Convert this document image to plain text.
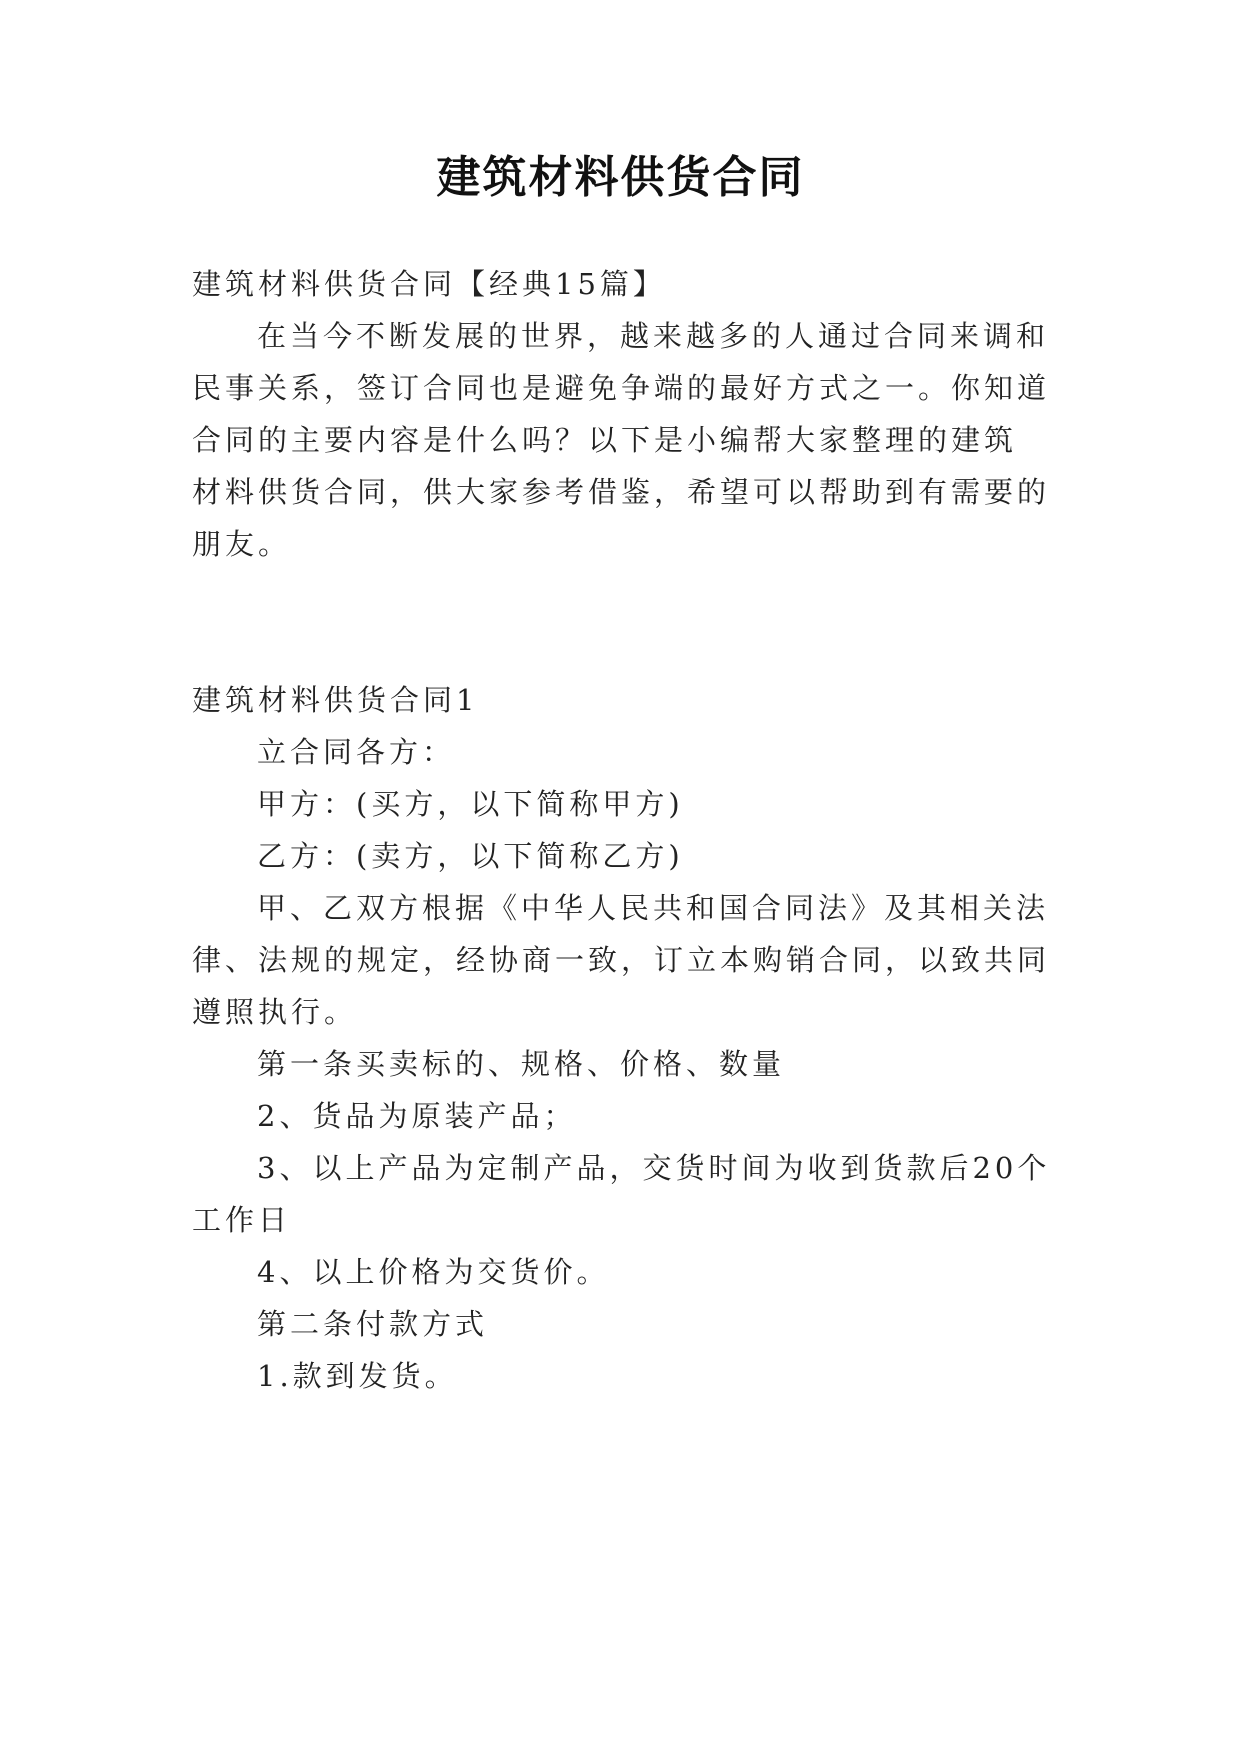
建筑材料供货合同

建筑材料供货合同【经典15篇】

在当今不断发展的世界，越来越多的人通过合同来调和

民事关系，签订合同也是避免争端的最好方式之一。你知道

合同的主要内容是什么吗？以下是小编帮大家整理的建筑

材料供货合同，供大家参考借鉴，希望可以帮助到有需要的

朋友。

建筑材料供货合同1

立合同各方：

甲方：(买方，以下简称甲方)

乙方：(卖方，以下简称乙方)

甲、乙双方根据《中华人民共和国合同法》及其相关法

律、法规的规定，经协商一致，订立本购销合同，以致共同

遵照执行。

第一条买卖标的、规格、价格、数量

2、货品为原装产品；

3、以上产品为定制产品，交货时间为收到货款后20个

工作日

4、以上价格为交货价。

第二条付款方式

1.款到发货。
